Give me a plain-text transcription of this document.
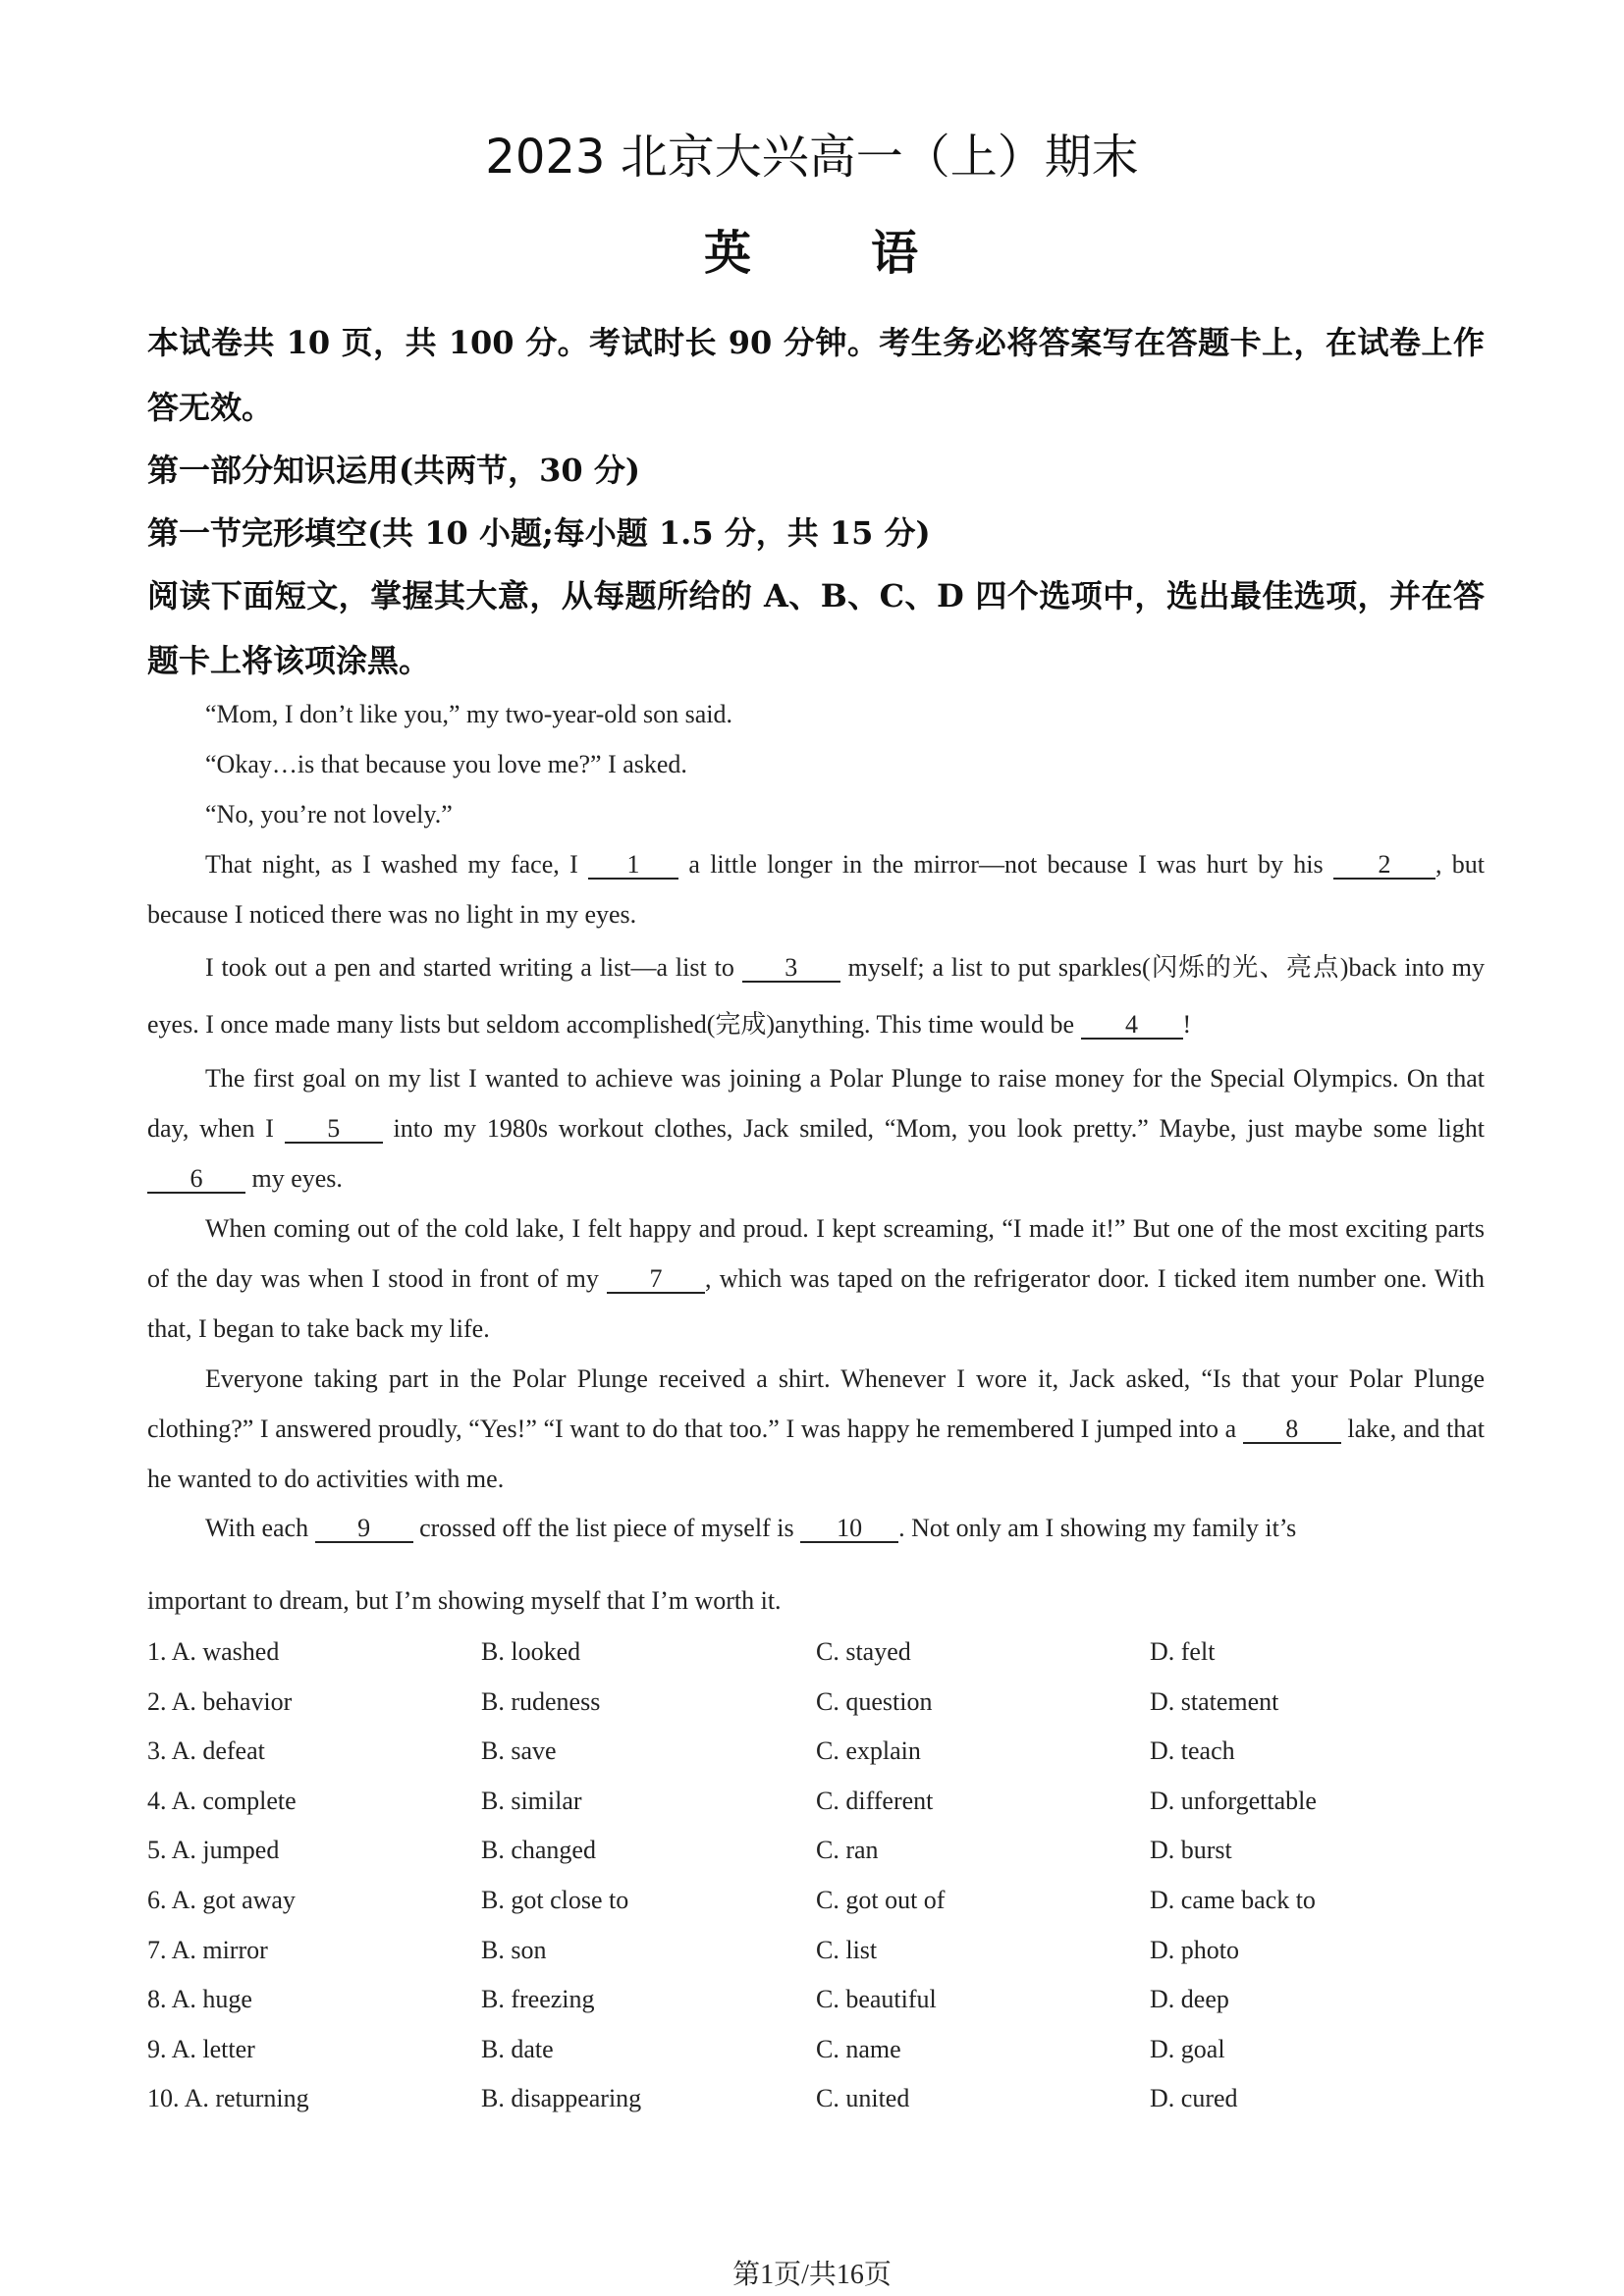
2023 北京大兴高一（上）期末
英	语
本试卷共 10 页，共 100 分。考试时长 90 分钟。考生务必将答案写在答题卡上，在试卷上作答无效。
第一部分知识运用(共两节，30 分)
第一节完形填空(共 10 小题;每小题 1.5 分，共 15 分)
阅读下面短文，掌握其大意，从每题所给的 A、B、C、D 四个选项中，选出最佳选项，并在答题卡上将该项涂黑。

“Mom, I don’t like you,” my two-year-old son said.

“Okay…is that because you love me?” I asked.

“No, you’re not lovely.”

That night, as I washed my face, I 1 a little longer in the mirror—not because I was hurt by his 2 , but because I noticed there was no light in my eyes.

I took out a pen and started writing a list—a list to 3 myself; a list to put sparkles(闪烁的光、亮点)back into my eyes. I once made many lists but seldom accomplished(完成)anything. This time would be 4 !

The first goal on my list I wanted to achieve was joining a Polar Plunge to raise money for the Special Olympics. On that day, when I 5 into my 1980s workout clothes, Jack smiled, “Mom, you look pretty.” Maybe, just maybe some light 6 my eyes.

When coming out of the cold lake, I felt happy and proud. I kept screaming, “I made it!” But one of the most exciting parts of the day was when I stood in front of my 7 , which was taped on the refrigerator door. I ticked item number one. With that, I began to take back my life.

Everyone taking part in the Polar Plunge received a shirt. Whenever I wore it, Jack asked, “Is that your Polar Plunge clothing?” I answered proudly, “Yes!” “I want to do that too.” I was happy he remembered I jumped into a 8 lake, and that he wanted to do activities with me.

With each 9 crossed off the list piece of myself is 10 . Not only am I showing my family it’s
important to dream, but I’m showing myself that I’m worth it.

1. A. washed	B. looked	C. stayed	D. felt
2. A. behavior	B. rudeness	C. question	D. statement
3. A. defeat	B. save	C. explain	D. teach
4. A. complete	B. similar	C. different	D. unforgettable
5. A. jumped	B. changed	C. ran	D. burst
6. A. got away	B. got close to	C. got out of	D. came back to
7. A. mirror	B. son	C. list	D. photo
8. A. huge	B. freezing	C. beautiful	D. deep
9. A. letter	B. date	C. name	D. goal
10. A. returning	B. disappearing	C. united	D. cured
第1页/共16页
